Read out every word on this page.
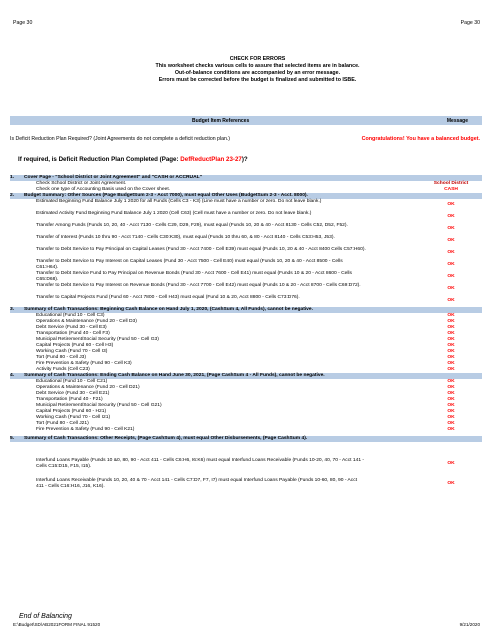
Page 30	Page 30
CHECK FOR ERRORS
This worksheet checks various cells to assure that selected items are in balance.
Out-of-balance conditions are accompanied by an error message.
Errors must be corrected before the budget is finalized and submitted to ISBE.
Budget Item References	Message
Is Deficit Reduction Plan Required? (Joint Agreements do not complete a deficit reduction plan.)	Congratulations! You have a balanced budget.
If required, is Deficit Reduction Plan Completed (Page: DefReductPlan 23-27)?
1.	Cover Page - "School District or Joint Agreement" and "CASH or ACCRUAL"
Check School District or Joint Agreement.	School District
Check one type of Accounting Basis used on the Cover sheet.	CASH
2.	Budget Summary: Other Sources (Page BudgetSum 2-3 - Acct 7000), must equal Other Uses (BudgetSum 2-3 - Acct. 8000).
Estimated Beginning Fund Balance July 1 2020 for all Funds (Cells C3 - K3) (Line must have a number or zero. Do not leave blank.)
OK
Estimated Activity Fund Beginning Fund Balance July 1 2020 (Cell C63) (Cell must have a number or zero. Do not leave blank.)
OK
Transfer Among Funds (Funds 10, 20, 40 - Acct 7130 - Cells C29, D29, F29), must equal (Funds 10, 20 & 40 - Acct 8130 - Cells C52, D52, F52).
OK
Transfer of Interest (Funds 10 thru 90 - Acct 7140 - Cells C30:K30), must equal (Funds 10 thru 60, & 80 - Acct 8140 - Cells C53:H53, J53).
OK
Transfer to Debt Service to Pay Principal on Capital Leases (Fund 30 - Acct 7400 - Cell E39) must equal (Funds 10, 20 & 40 - Acct 8400 Cells C57:H60).
OK
Transfer to Debt Service to Pay Interest on Capital Leases (Fund 30 - Acct 7500 - Cell E40) must equal (Funds 10, 20 & 40 - Acct 8500 - Cells C61:H64).
OK
Transfer to Debt Service Fund to Pay Principal on Revenue Bonds (Fund 30 - Acct 7600 - Cell E41) must equal (Funds 10 & 20 - Acct 8600 - Cells C65:D68).
OK
Transfer to Debt Service to Pay Interest on Revenue Bonds (Fund 30 - Acct 7700 - Cell E42) must equal (Funds 10 & 20 - Acct 8700 - Cells C69:D72).
OK
Transfer to Capital Projects Fund (Fund 60 - Acct 7800 - Cell H43) must equal (Fund 10 & 20, Acct 8800 - Cells C73:D76).
OK
3.	Summary of Cash Transactions: Beginning Cash Balance on Hand July 1, 2020, (CashSum 4, All Funds), cannot be negative.
Educational (Fund 10 - Cell C3)	OK
Operations & Maintenance (Fund 20 - Cell D3)	OK
Debt Service (Fund 30 - Cell E3)	OK
Transportation (Fund 40 - Cell F3)	OK
Municipal Retirement/Social Security (Fund 50 - Cell G3)	OK
Capital Projects (Fund 60 - Cell H3)	OK
Working Cash (Fund 70 - Cell I3)	OK
Tort (Fund 80 - Cell J3)	OK
Fire Prevention & Safety (Fund 90 - Cell K3)	OK
Activity Funds (Cell C23)	OK
4.	Summary of Cash Transactions: Ending Cash Balance on Hand June 30, 2021, (Page CashSum 4 - All Funds), cannot be negative.
Educational (Fund 10 - Cell C21)	OK
Operations & Maintenance (Fund 20 - Cell D21)	OK
Debt Service (Fund 30 - Cell E21)	OK
Transportation (Fund 40 - F21)	OK
Municipal Retirement/Social Security (Fund 50 - Cell G21)	OK
Capital Projects (Fund 60 - H21)	OK
Working Cash (Fund 70 - Cell I21)	OK
Tort (Fund 80 - Cell J21)	OK
Fire Prevention & Safety (Fund 90 - Cell K21)	OK
5.	Summary of Cash Transactions: Other Receipts, (Page CashSum 4), must equal Other Disbursements, (Page CashSum 4).
Interfund Loans Payable (Funds 10 &0, 80, 90 - Acct 411 - Cells C6:H6, I6:K6) must equal Interfund Loans Receivable (Funds 10-20, 40, 70 - Acct 141 - Cells C15:D15, F15, I15).
OK
Interfund Loans Receivable (Funds 10, 20, 40 & 70 - Acct 141 - Cells C7:D7, F7, I7) must equal Interfund Loans Payable (Funds 10-60, 80, 90 - Acct 411 - Cells C16:H16, J16, K16).
OK
End of Balancing
E:\Budget\SD\AB2021FORM FINAL 91520	9/21/2020
